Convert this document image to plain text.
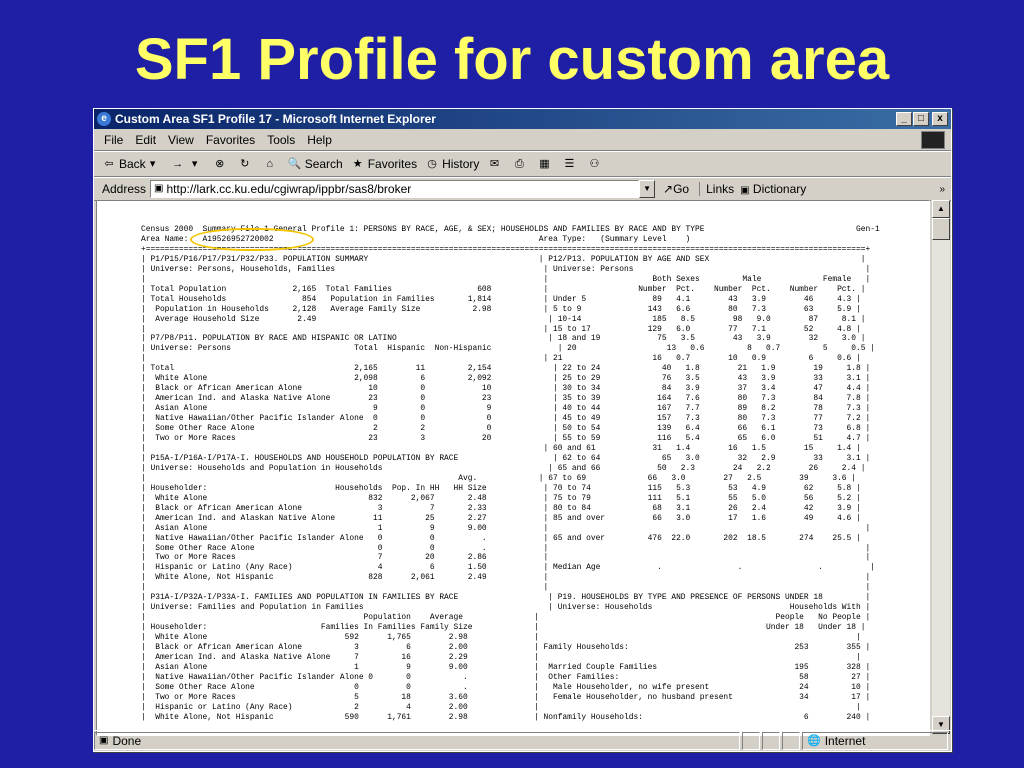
SF1 Profile for custom area
e Custom Area SF1 Profile 17 - Microsoft Internet Explorer	_	□	x
File Edit View Favorites Tools Help
⇦ Back ▾	→ ▾	⊗ ↻	⌂	🔍 Search ★ Favorites ◷ History ✉ ⎙ ▦ ☰ ⚇
Address ▣ http://lark.cc.ku.edu/cgiwrap/ippbr/sas8/broker	▼	↗Go	Links ▣ Dictionary	»
Census 2000  Summary File 1 General Profile 1: PERSONS BY RACE, AGE, & SEX; HOUSEHOLDS AND FAMILIES BY RACE AND BY TYPE                                Gen-1
Area Name:   A19526952720002                                                        Area Type:   (Summary Level    )
+========================================================================================================================================================+
| P1/P15/P16/P17/P31/P32/P33. POPULATION SUMMARY                                    | P12/P13. POPULATION BY AGE AND SEX                                |
| Universe: Persons, Households, Families                                            | Universe: Persons                                                 |
|                                                                                    |                      Both Sexes         Male             Female   |
| Total Population              2,165  Total Families                  608           |                   Number  Pct.    Number  Pct.    Number    Pct. |
| Total Households                854   Population in Families       1,814           | Under 5              89   4.1        43   3.9        46     4.3 |
|  Population in Households     2,128   Average Family Size           2.98           | 5 to 9              143   6.6        80   7.3        63     5.9 |
|  Average Household Size        2.49                                                 | 10-14               185   8.5        98   9.0        87     8.1 |
|                                                                                    | 15 to 17            129   6.0        77   7.1        52     4.8 |
| P7/P8/P11. POPULATION BY RACE AND HISPANIC OR LATINO                                | 18 and 19            75   3.5        43   3.9        32     3.0 |
| Universe: Persons                          Total  Hispanic  Non-Hispanic              | 20                   13   0.6         8   0.7         5     0.5 |
|                                                                                    | 21                   16   0.7        10   0.9         6     0.6 |
| Total                                      2,165        11         2,154             | 22 to 24             40   1.8        21   1.9        19     1.8 |
|  White Alone                               2,098         6         2,092             | 25 to 29             76   3.5        43   3.9        33     3.1 |
|  Black or African American Alone              10         0            10             | 30 to 34             84   3.9        37   3.4        47     4.4 |
|  American Ind. and Alaska Native Alone        23         0            23             | 35 to 39            164   7.6        80   7.3        84     7.8 |
|  Asian Alone                                   9         0             9             | 40 to 44            167   7.7        89   8.2        78     7.3 |
|  Native Hawaiian/Other Pacific Islander Alone  0         0             0             | 45 to 49            157   7.3        80   7.3        77     7.2 |
|  Some Other Race Alone                         2         2             0             | 50 to 54            139   6.4        66   6.1        73     6.8 |
|  Two or More Races                            23         3            20             | 55 to 59            116   5.4        65   6.0        51     4.7 |
|                                                                                    | 60 and 61            31   1.4        16   1.5        15     1.4 |
| P15A-I/P16A-I/P17A-I. HOUSEHOLDS AND HOUSEHOLD POPULATION BY RACE                    | 62 to 64             65   3.0        32   2.9        33     3.1 |
| Universe: Households and Population in Households                                   | 65 and 66            50   2.3        24   2.2        26     2.4 |
|                                                                  Avg.             | 67 to 69             66   3.0        27   2.5        39     3.6 |
| Householder:                           Households  Pop. In HH   HH Size            | 70 to 74            115   5.3        53   4.9        62     5.8 |
|  White Alone                                  832      2,067       2.48            | 75 to 79            111   5.1        55   5.0        56     5.2 |
|  Black or African American Alone                3          7       2.33            | 80 to 84             68   3.1        26   2.4        42     3.9 |
|  American Ind. and Alaskan Native Alone        11         25       2.27            | 85 and over          66   3.0        17   1.6        49     4.6 |
|  Asian Alone                                    1          9       9.00            |                                                                   |
|  Native Hawaiian/Other Pacific Islander Alone   0          0          .            | 65 and over         476  22.0       202  18.5       274    25.5 |
|  Some Other Race Alone                          0          0          .            |                                                                   |
|  Two or More Races                              7         20       2.86            |                                                                   |
|  Hispanic or Latino (Any Race)                  4          6       1.50            | Median Age            .                .                .          |
|  White Alone, Not Hispanic                    828      2,061       2.49            |                                                                   |
|                                                                                    |                                                                   |
| P31A-I/P32A-I/P33A-I. FAMILIES AND POPULATION IN FAMILIES BY RACE                   | P19. HOUSEHOLDS BY TYPE AND PRESENCE OF PERSONS UNDER 18         |
| Universe: Families and Population in Families                                       | Universe: Households                             Households With |
|                                              Population    Average               |                                                  People   No People |
| Householder:                        Families In Families Family Size             |                                                Under 18   Under 18 |
|  White Alone                             592      1,765        2.98              |                                                                   |
|  Black or African American Alone           3          6        2.00              | Family Households:                                   253        355 |
|  American Ind. and Alaska Native Alone     7         16        2.29              |                                                                   |
|  Asian Alone                               1          9        9.00              |  Married Couple Families                             195        328 |
|  Native Hawaiian/Other Pacific Islander Alone 0       0           .              |  Other Families:                                      58         27 |
|  Some Other Race Alone                     0          0           .              |   Male Householder, no wife present                   24         10 |
|  Two or More Races                         5         18        3.60              |   Female Householder, no husband present              34         17 |
|  Hispanic or Latino (Any Race)             2          4        2.00              |                                                                   |
|  White Alone, Not Hispanic               590      1,761        2.98              | Nonfamily Households:                                  6        240 |
▲
▼
▣ Done	🌐 Internet
